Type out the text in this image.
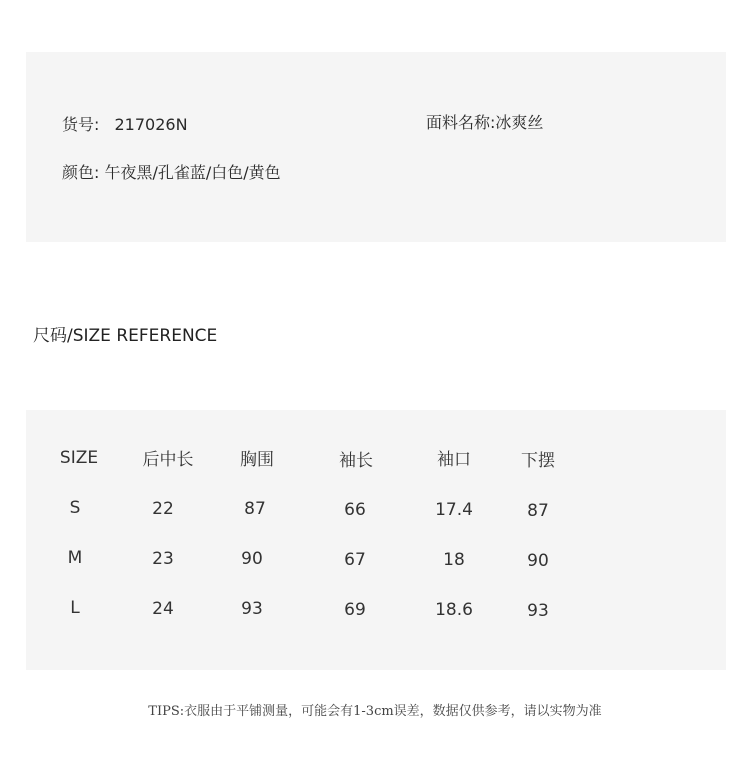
货号: 217026N	面料名称:冰爽丝
颜色: 午夜黑/孔雀蓝/白色/黄色
尺码/SIZE REFERENCE
SIZE	后中长	胸围	袖长	袖口	下摆
S	22	87	66	17.4	87
M	23	90	67	18	90
L	24	93	69	18.6	93
TIPS:衣服由于平铺测量，可能会有1-3cm误差，数据仅供参考，请以实物为准
